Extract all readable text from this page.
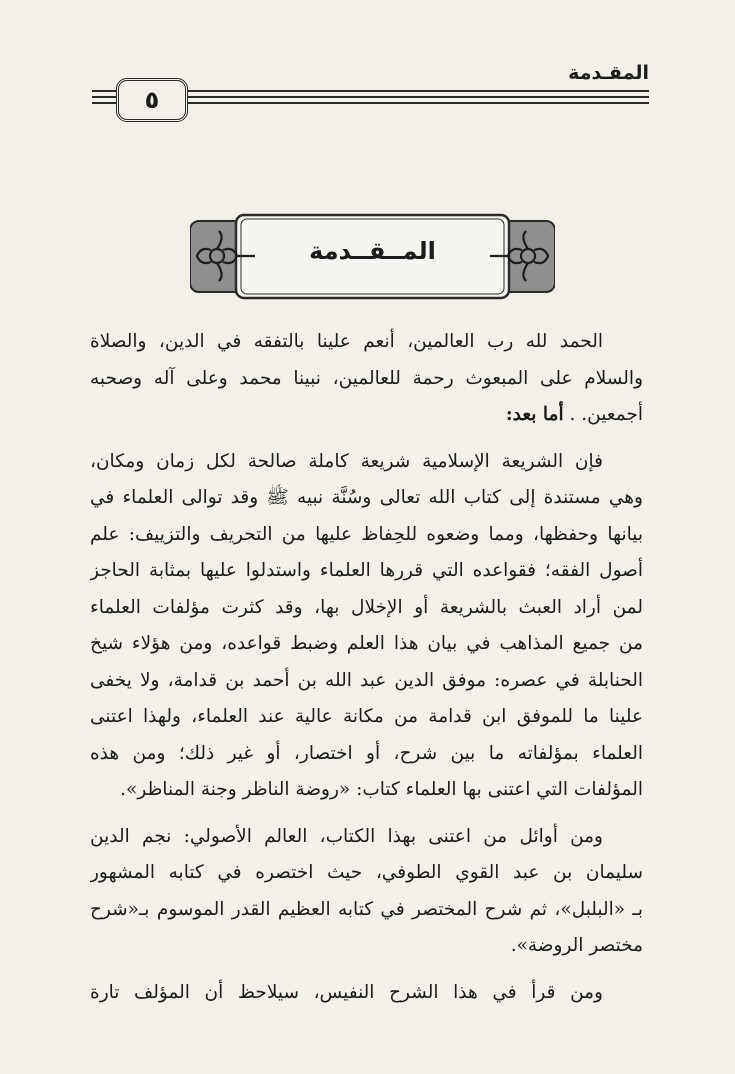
المقـدمة
٥
المــقــدمة
الحمد لله رب العالمين، أنعم علينا بالتفقه في الدين، والصلاة
والسلام على المبعوث رحمة للعالمين، نبينا محمد وعلى آله وصحبه
أجمعين. . أما بعد:
فإن الشريعة الإسلامية شريعة كاملة صالحة لكل زمان ومكان،
وهي مستندة إلى كتاب الله تعالى وسُنَّة نبيه ﷺ وقد توالى العلماء في
بيانها وحفظها، ومما وضعوه للحِفاظ عليها من التحريف والتزييف: علم
أصول الفقه؛ فقواعده التي قررها العلماء واستدلوا عليها بمثابة الحاجز
لمن أراد العبث بالشريعة أو الإخلال بها، وقد كثرت مؤلفات العلماء
من جميع المذاهب في بيان هذا العلم وضبط قواعده، ومن هؤلاء شيخ
الحنابلة في عصره: موفق الدين عبد الله بن أحمد بن قدامة، ولا يخفى
علينا ما للموفق ابن قدامة من مكانة عالية عند العلماء، ولهذا اعتنى
العلماء بمؤلفاته ما بين شرح، أو اختصار، أو غير ذلك؛ ومن هذه
المؤلفات التي اعتنى بها العلماء كتاب: «روضة الناظر وجنة المناظر».
ومن أوائل من اعتنى بهذا الكتاب، العالم الأصولي: نجم الدين
سليمان بن عبد القوي الطوفي، حيث اختصره في كتابه المشهور
بـ «البلبل»، ثم شرح المختصر في كتابه العظيم القدر الموسوم بـ«شرح
مختصر الروضة».
ومن قرأ في هذا الشرح النفيس، سيلاحظ أن المؤلف تارة
